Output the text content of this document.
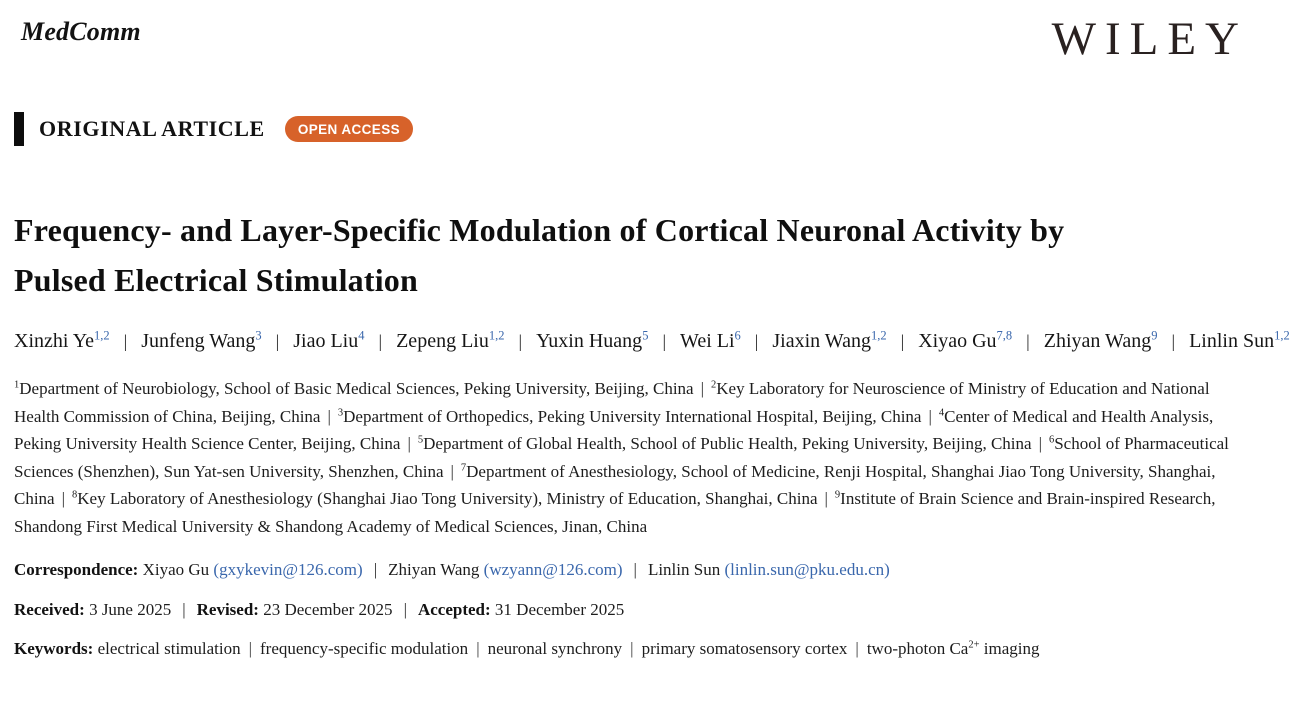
MedComm	WILEY
ORIGINAL ARTICLE	OPEN ACCESS
Frequency- and Layer-Specific Modulation of Cortical Neuronal Activity by Pulsed Electrical Stimulation
Xinzhi Ye$^{1,2}$ | Junfeng Wang$^3$ | Jiao Liu$^4$ | Zepeng Liu$^{1,2}$ | Yuxin Huang$^5$ | Wei Li$^6$ | Jiaxin Wang$^{1,2}$ | Xiyao Gu$^{7,8}$ | Zhiyan Wang$^9$ | Linlin Sun$^{1,2}$

$^1$Department of Neurobiology, School of Basic Medical Sciences, Peking University, Beijing, China | $^2$Key Laboratory for Neuroscience of Ministry of Education and National Health Commission of China, Beijing, China | $^3$Department of Orthopedics, Peking University International Hospital, Beijing, China | $^4$Center of Medical and Health Analysis, Peking University Health Science Center, Beijing, China | $^5$Department of Global Health, School of Public Health, Peking University, Beijing, China | $^6$School of Pharmaceutical Sciences (Shenzhen), Sun Yat-sen University, Shenzhen, China | $^7$Department of Anesthesiology, School of Medicine, Renji Hospital, Shanghai Jiao Tong University, Shanghai, China | $^8$Key Laboratory of Anesthesiology (Shanghai Jiao Tong University), Ministry of Education, Shanghai, China | $^9$Institute of Brain Science and Brain-inspired Research, Shandong First Medical University & Shandong Academy of Medical Sciences, Jinan, China

Correspondence: Xiyao Gu (gxykevin@126.com) | Zhiyan Wang (wzyann@126.com) | Linlin Sun (linlin.sun@pku.edu.cn)

Received: 3 June 2025 | Revised: 23 December 2025 | Accepted: 31 December 2025

Keywords: electrical stimulation | frequency-specific modulation | neuronal synchrony | primary somatosensory cortex | two-photon $Ca^{2+}$ imaging
